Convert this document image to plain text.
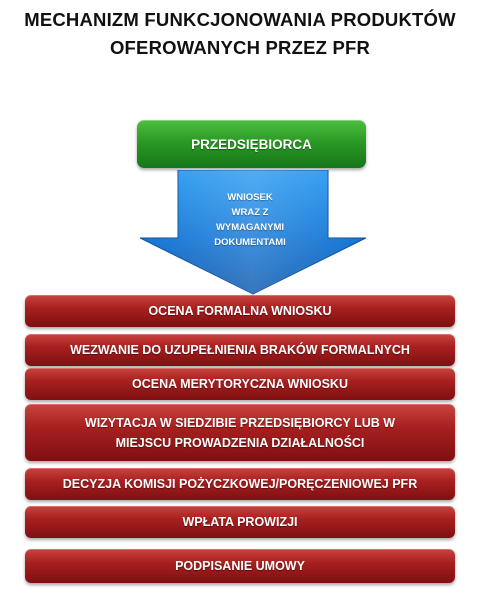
MECHANIZM FUNKCJONOWANIA PRODUKTÓW
OFEROWANYCH PRZEZ PFR
PRZEDSIĘBIORCA
WNIOSEK
WRAZ Z
WYMAGANYMI
DOKUMENTAMI
OCENA FORMALNA WNIOSKU
WEZWANIE DO UZUPEŁNIENIA BRAKÓW FORMALNYCH
OCENA MERYTORYCZNA WNIOSKU
WIZYTACJA W SIEDZIBIE PRZEDSIĘBIORCY LUB W
MIEJSCU PROWADZENIA DZIAŁALNOŚCI
DECYZJA KOMISJI POŻYCZKOWEJ/PORĘCZENIOWEJ PFR
WPŁATA PROWIZJI
PODPISANIE UMOWY
